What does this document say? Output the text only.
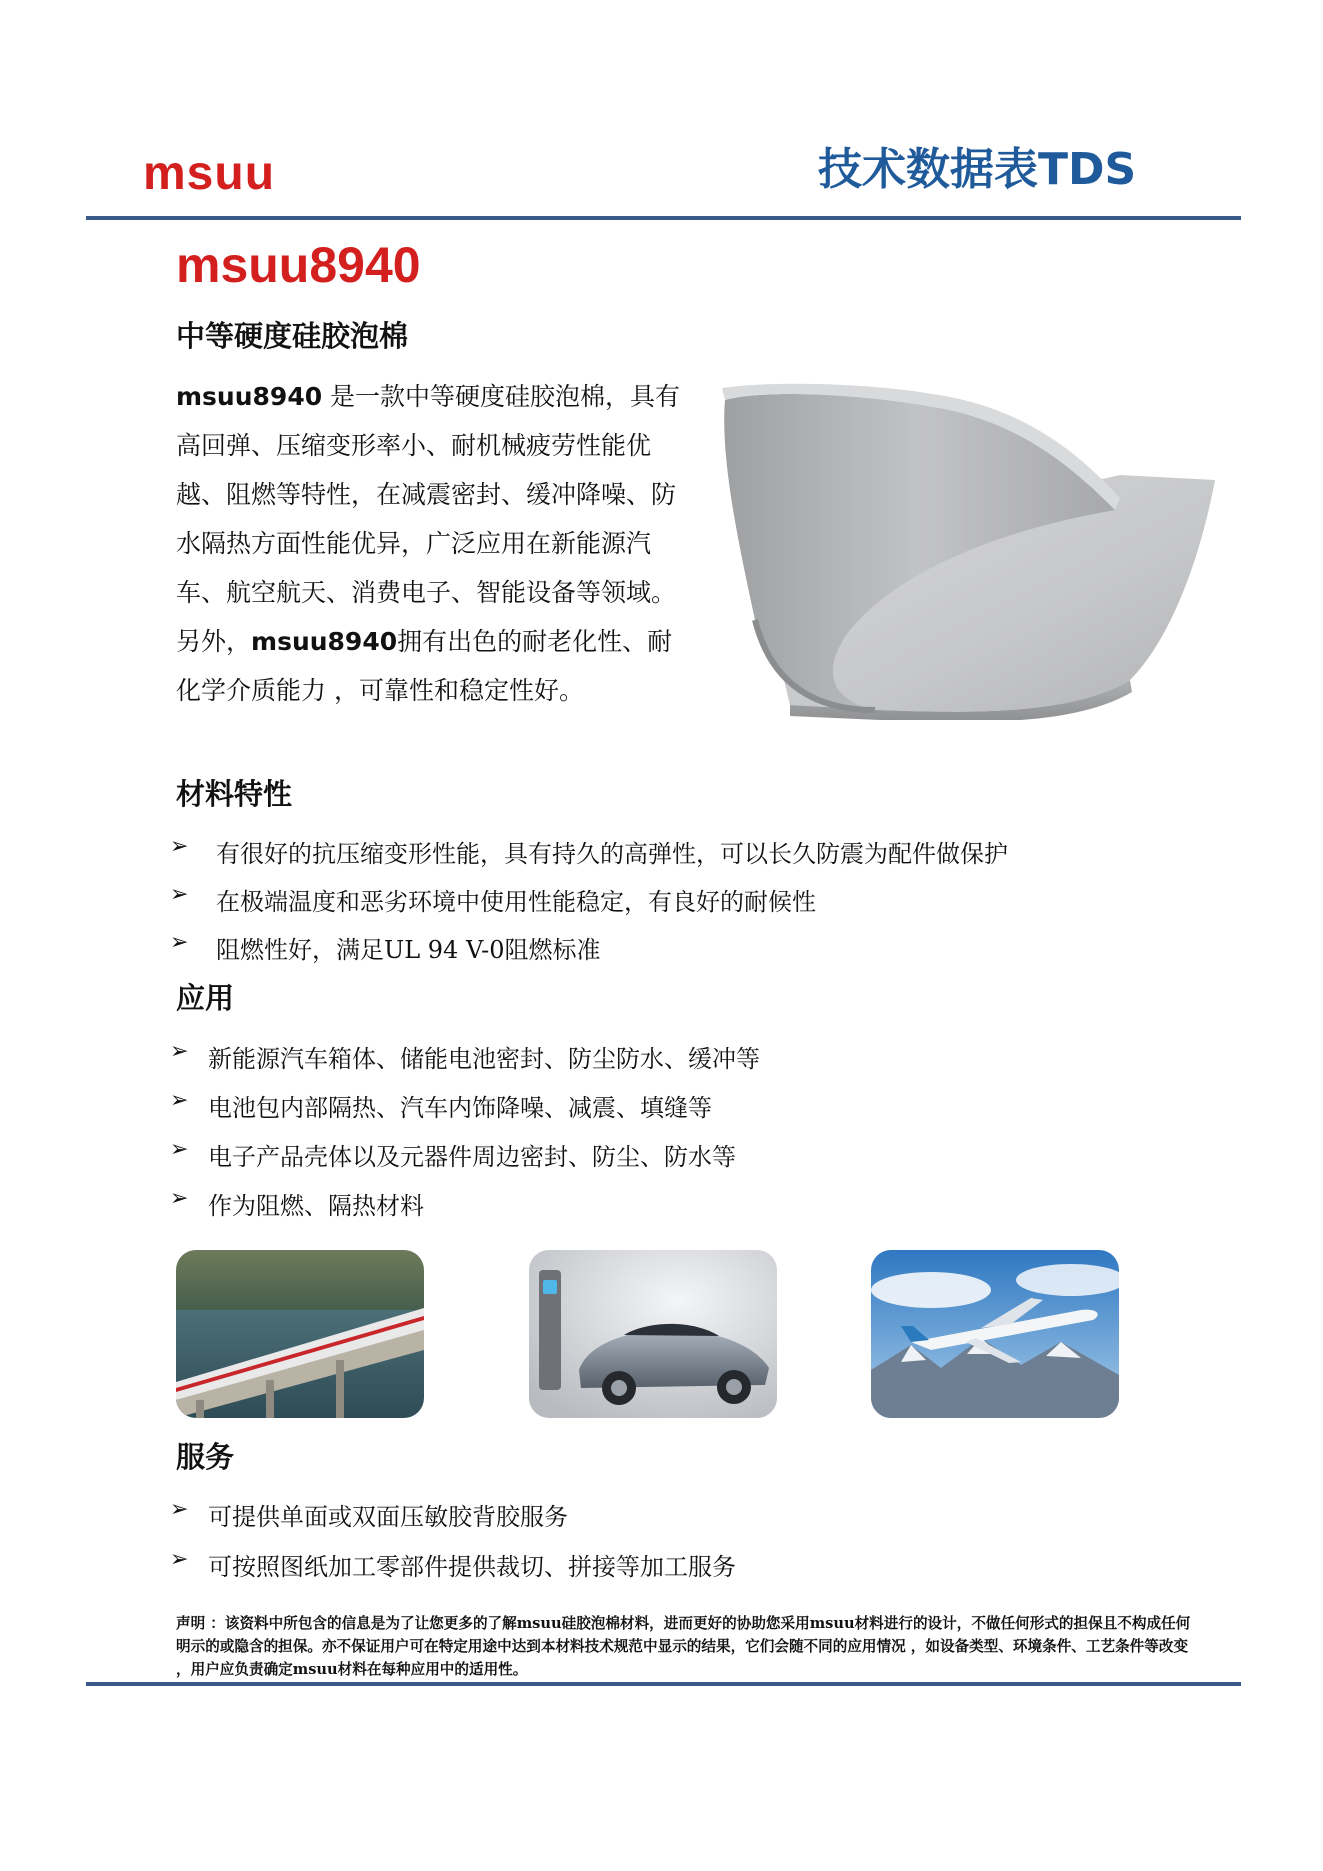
msuu	技术数据表TDS
msuu8940
中等硬度硅胶泡棉
msuu8940 是一款中等硬度硅胶泡棉，具有高回弹、压缩变形率小、耐机械疲劳性能优越、阻燃等特性，在减震密封、缓冲降噪、防水隔热方面性能优异，广泛应用在新能源汽车、航空航天、消费电子、智能设备等领域。另外，msuu8940拥有出色的耐老化性、耐化学介质能力 ，可靠性和稳定性好。
材料特性
➢ 有很好的抗压缩变形性能，具有持久的高弹性，可以长久防震为配件做保护
➢ 在极端温度和恶劣环境中使用性能稳定，有良好的耐候性
➢ 阻燃性好，满足UL 94 V-0阻燃标准
应用
➢ 新能源汽车箱体、储能电池密封、防尘防水、缓冲等
➢ 电池包内部隔热、汽车内饰降噪、减震、填缝等
➢ 电子产品壳体以及元器件周边密封、防尘、防水等
➢ 作为阻燃、隔热材料
服务
➢ 可提供单面或双面压敏胶背胶服务
➢ 可按照图纸加工零部件提供裁切、拼接等加工服务
声明 ：该资料中所包含的信息是为了让您更多的了解msuu硅胶泡棉材料，进而更好的协助您采用msuu材料进行的设计，不做任何形式的担保且不构成任何明示的或隐含的担保。亦不保证用户可在特定用途中达到本材料技术规范中显示的结果，它们会随不同的应用情况 ，如设备类型、环境条件、工艺条件等改变 ，用户应负责确定msuu材料在每种应用中的适用性。
